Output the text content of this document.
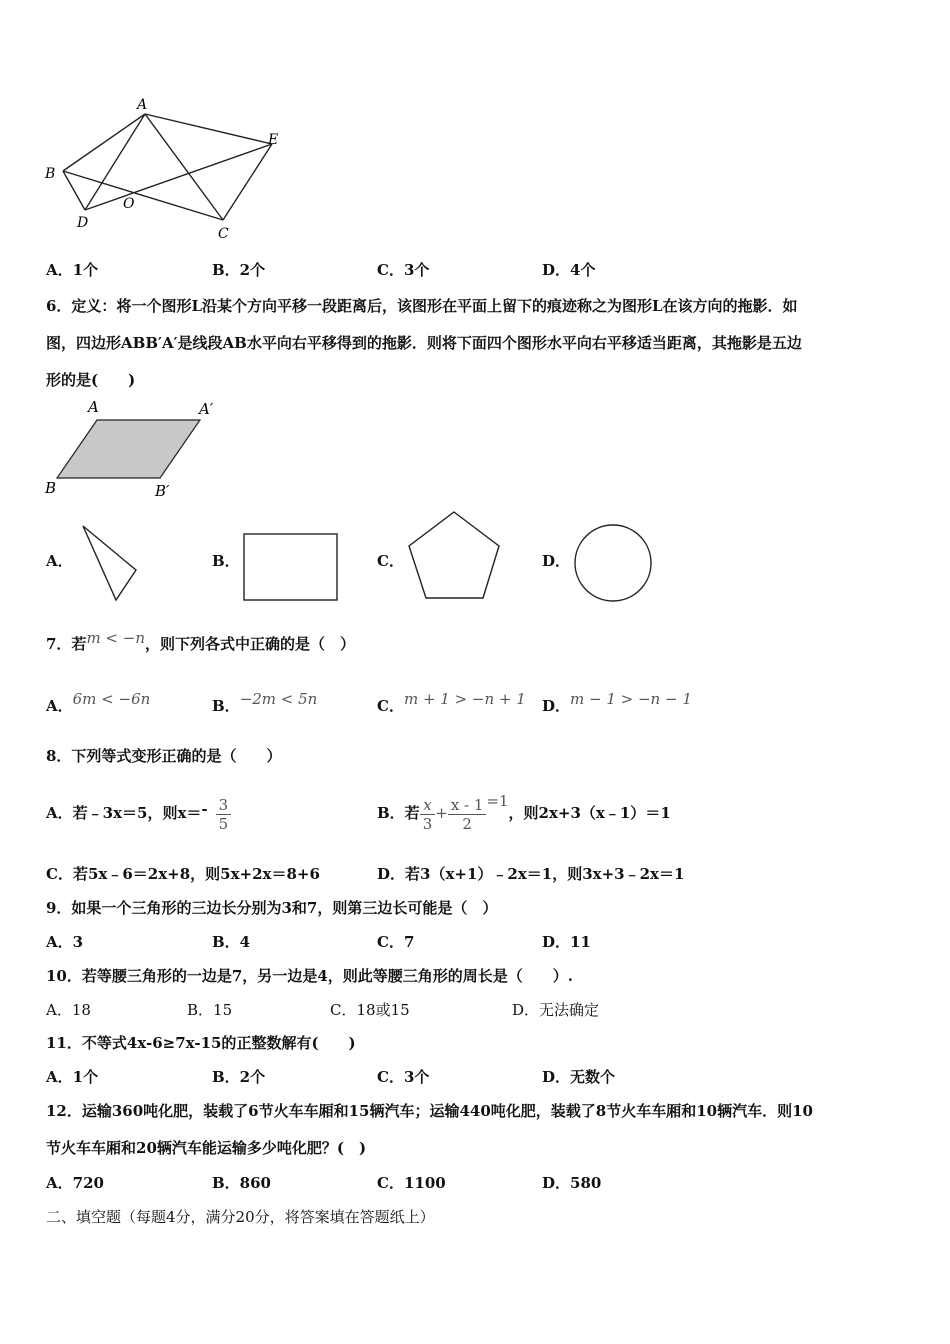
A
B
C
D
E
O
A．1个	B．2个	C．3个	D．4个
6．定义：将一个图形L沿某个方向平移一段距离后，该图形在平面上留下的痕迹称之为图形L在该方向的拖影．如
图，四边形ABB′A′是线段AB水平向右平移得到的拖影．则将下面四个图形水平向右平移适当距离，其拖影是五边
形的是(　　)
A	A′
B	B′
A．	B．	C．	D．
7．若m < −n，则下列各式中正确的是（　）
A．6m < −6n	B．−2m < 5n	C．m + 1 > −n + 1 D．m − 1 > −n − 1
8．下列等式变形正确的是（　　）
A．若﹣3x＝5，则$x=- \frac{3}{5}$	B．若 $\frac{x}{3} + \frac{x - 1}{2} =1$，则2x+3（x﹣1）＝1
C．若5x﹣6＝2x+8，则5x+2x＝8+6	D．若3（x+1）﹣2x＝1，则3x+3﹣2x＝1
9．如果一个三角形的三边长分别为3和7，则第三边长可能是（　）
A．3	B．4	C．7	D．11
10．若等腰三角形的一边是7，另一边是4，则此等腰三角形的周长是（　　）.
A．18	B．15	C．18或15	D．无法确定
11．不等式4x-6≥7x-15的正整数解有(　　)
A．1个	B．2个	C．3个	D．无数个
12．运输360吨化肥，装载了6节火车车厢和15辆汽车；运输440吨化肥，装载了8节火车车厢和10辆汽车．则10
节火车车厢和20辆汽车能运输多少吨化肥？(　)
A．720	B．860	C．1100	D．580
二、填空题（每题4分，满分20分，将答案填在答题纸上）
